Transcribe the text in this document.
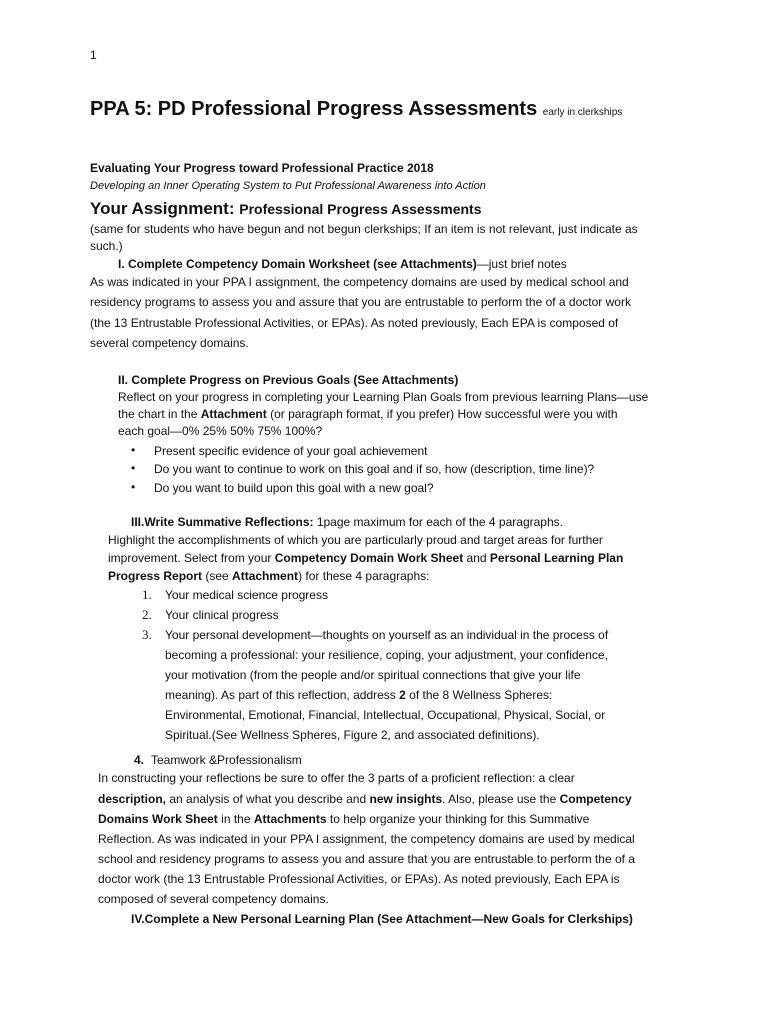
1
PPA 5: PD Professional Progress Assessments early in clerkships
Evaluating Your Progress toward Professional Practice 2018
Developing an Inner Operating System to Put Professional Awareness into Action
Your Assignment: Professional Progress Assessments
(same for students who have begun and not begun clerkships; If an item is not relevant, just indicate as
such.)
I. Complete Competency Domain Worksheet (see Attachments)—just brief notes
As was indicated in your PPA I assignment, the competency domains are used by medical school and
residency programs to assess you and assure that you are entrustable to perform the of a doctor work
(the 13 Entrustable Professional Activities, or EPAs). As noted previously, Each EPA is composed of
several competency domains.
II. Complete Progress on Previous Goals (See Attachments)
Reflect on your progress in completing your Learning Plan Goals from previous learning Plans—use
the chart in the Attachment (or paragraph format, if you prefer) How successful were you with
each goal—0% 25% 50% 75% 100%?
• Present specific evidence of your goal achievement
• Do you want to continue to work on this goal and if so, how (description, time line)?
• Do you want to build upon this goal with a new goal?
III.Write Summative Reflections: 1page maximum for each of the 4 paragraphs.
Highlight the accomplishments of which you are particularly proud and target areas for further
improvement. Select from your Competency Domain Work Sheet and Personal Learning Plan
Progress Report (see Attachment) for these 4 paragraphs:
1. Your medical science progress
2. Your clinical progress
3. Your personal development—thoughts on yourself as an individual in the process of
becoming a professional: your resilience, coping, your adjustment, your confidence,
your motivation (from the people and/or spiritual connections that give your life
meaning). As part of this reflection, address 2 of the 8 Wellness Spheres:
Environmental, Emotional, Financial, Intellectual, Occupational, Physical, Social, or
Spiritual.(See Wellness Spheres, Figure 2, and associated definitions).
4. Teamwork &Professionalism
In constructing your reflections be sure to offer the 3 parts of a proficient reflection: a clear
description, an analysis of what you describe and new insights. Also, please use the Competency
Domains Work Sheet in the Attachments to help organize your thinking for this Summative
Reflection. As was indicated in your PPA I assignment, the competency domains are used by medical
school and residency programs to assess you and assure that you are entrustable to perform the of a
doctor work (the 13 Entrustable Professional Activities, or EPAs). As noted previously, Each EPA is
composed of several competency domains.
IV.Complete a New Personal Learning Plan (See Attachment—New Goals for Clerkships)
